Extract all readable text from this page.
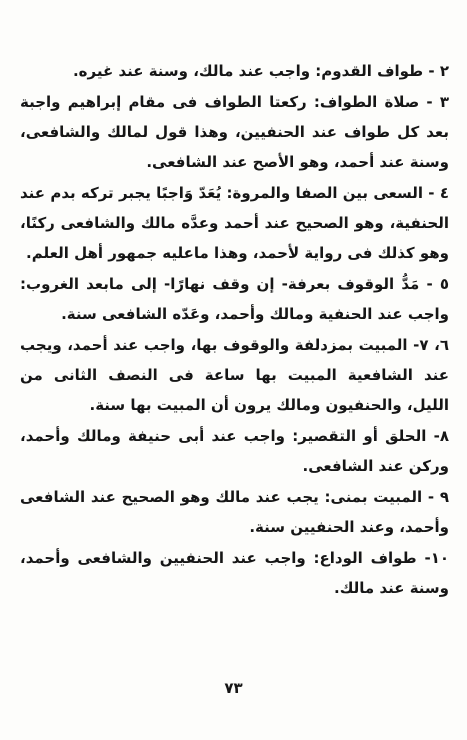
٢ - طواف القدوم: واجب عند مالك، وسنة عند غيره.

٣ - صلاة الطواف: ركعتا الطواف فى مقام إبراهيم واجبة بعد كل طواف عند الحنفيين، وهذا قول لمالك والشافعى، وسنة عند أحمد، وهو الأصح عند الشافعى.

٤ - السعى بين الصفا والمروة: يُعَدّ وَاجبًا يجبر تركه بدم عند الحنفية، وهو الصحيح عند أحمد وعدَّه مالك والشافعى ركنًا، وهو كذلك فى رواية لأحمد، وهذا ماعليه جمهور أهل العلم.

٥ - مَدُّ الوقوف بعرفة- إن وقف نهارًا- إلى مابعد الغروب: واجب عند الحنفية ومالك وأحمد، وعَدّه الشافعى سنة.

٦، ٧- المبيت بمزدلفة والوقوف بها، واجب عند أحمد، ويجب عند الشافعية المبيت بها ساعة فى النصف الثانى من الليل، والحنفيون ومالك يرون أن المبيت بها سنة.

٨- الحلق أو التقصير: واجب عند أبى حنيفة ومالك وأحمد، وركن عند الشافعى.

٩ - المبيت بمنى: يجب عند مالك وهو الصحيح عند الشافعى وأحمد، وعند الحنفيين سنة.

١٠- طواف الوداع: واجب عند الحنفيين والشافعى وأحمد، وسنة عند مالك.

٧٣
